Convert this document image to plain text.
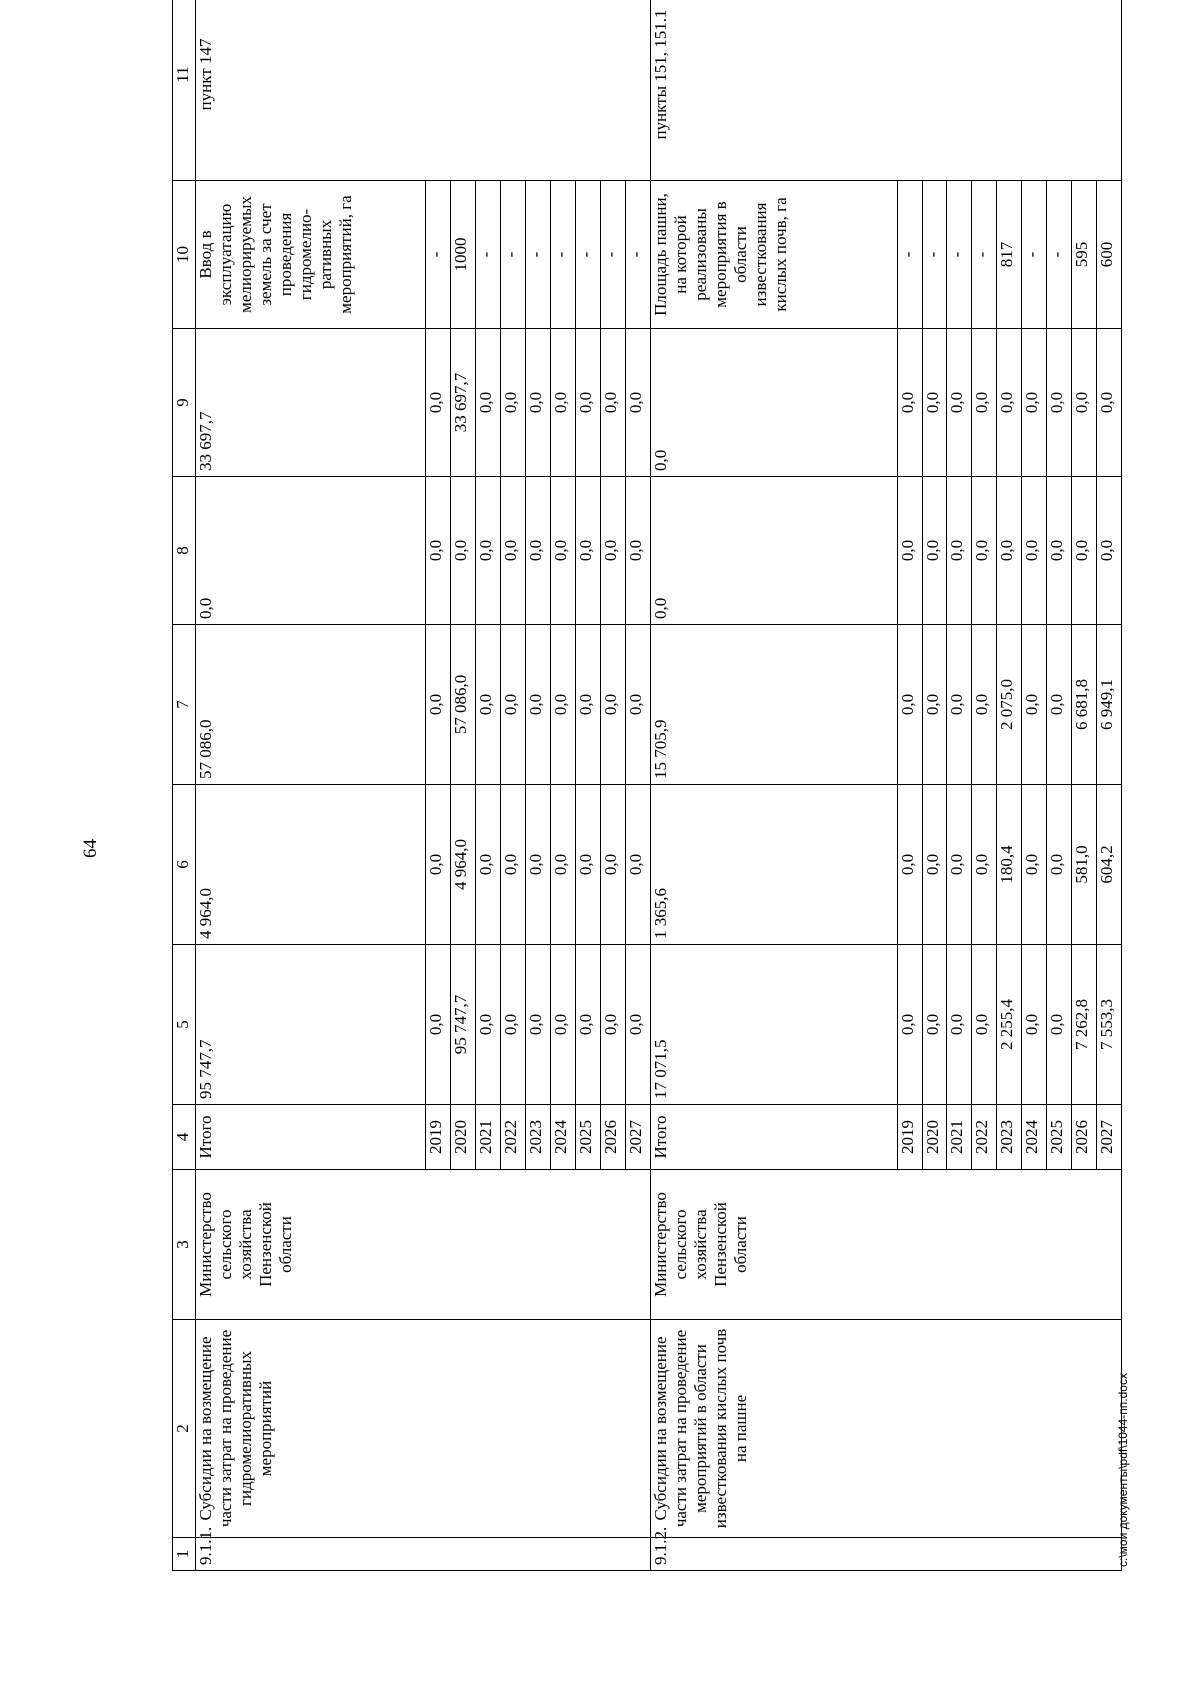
64
1	2	3	4	5	6	7	8	9	10	11
9.1.1.	Субсидии на возмещение части затрат на проведение гидромелиоративных мероприятий	Министерство сельского хозяйства Пензенской области	Итого	95 747,7	4 964,0	57 086,0	0,0	33 697,7	Ввод в эксплуатацию мелиорируемых земель за счет проведения гидромелио-ративных мероприятий, га	пункт 147
			2019	0,0	0,0	0,0	0,0	0,0	-	
			2020	95 747,7	4 964,0	57 086,0	0,0	33 697,7	1000	
			2021	0,0	0,0	0,0	0,0	0,0	-	
			2022	0,0	0,0	0,0	0,0	0,0	-	
			2023	0,0	0,0	0,0	0,0	0,0	-	
			2024	0,0	0,0	0,0	0,0	0,0	-	
			2025	0,0	0,0	0,0	0,0	0,0	-	
			2026	0,0	0,0	0,0	0,0	0,0	-	
			2027	0,0	0,0	0,0	0,0	0,0	-	
9.1.2.	Субсидии на возмещение части затрат на проведение мероприятий в области известкования кислых почв на пашне	Министерство сельского хозяйства Пензенской области	Итого	17 071,5	1 365,6	15 705,9	0,0	0,0	Площадь пашни, на которой реализованы мероприятия в области известкования кислых почв, га	пункты 151, 151.1
			2019	0,0	0,0	0,0	0,0	0,0	-	
			2020	0,0	0,0	0,0	0,0	0,0	-	
			2021	0,0	0,0	0,0	0,0	0,0	-	
			2022	0,0	0,0	0,0	0,0	0,0	-	
			2023	2 255,4	180,4	2 075,0	0,0	0,0	817	
			2024	0,0	0,0	0,0	0,0	0,0	-	
			2025	0,0	0,0	0,0	0,0	0,0	-	
			2026	7 262,8	581,0	6 681,8	0,0	0,0	595	
			2027	7 553,3	604,2	6 949,1	0,0	0,0	600	
c:\мои документы\pdf\1044-пп.docx
